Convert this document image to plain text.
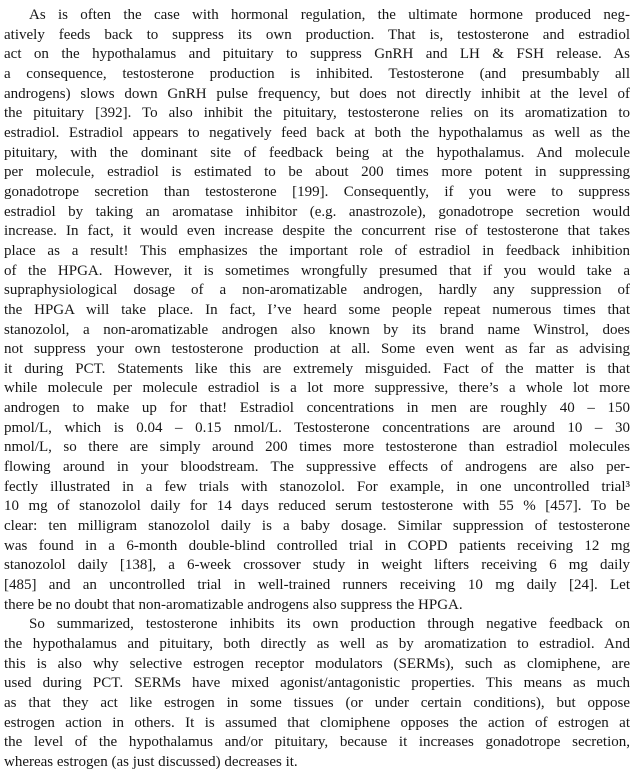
As is often the case with hormonal regulation, the ultimate hormone produced neg-
atively feeds back to suppress its own production. That is, testosterone and estradiol
act on the hypothalamus and pituitary to suppress GnRH and LH & FSH release. As
a consequence, testosterone production is inhibited. Testosterone (and presumbably all
androgens) slows down GnRH pulse frequency, but does not directly inhibit at the level of
the pituitary [392]. To also inhibit the pituitary, testosterone relies on its aromatization to
estradiol. Estradiol appears to negatively feed back at both the hypothalamus as well as the
pituitary, with the dominant site of feedback being at the hypothalamus. And molecule
per molecule, estradiol is estimated to be about 200 times more potent in suppressing
gonadotrope secretion than testosterone [199]. Consequently, if you were to suppress
estradiol by taking an aromatase inhibitor (e.g. anastrozole), gonadotrope secretion would
increase. In fact, it would even increase despite the concurrent rise of testosterone that takes
place as a result! This emphasizes the important role of estradiol in feedback inhibition
of the HPGA. However, it is sometimes wrongfully presumed that if you would take a
supraphysiological dosage of a non-aromatizable androgen, hardly any suppression of
the HPGA will take place. In fact, I’ve heard some people repeat numerous times that
stanozolol, a non-aromatizable androgen also known by its brand name Winstrol, does
not suppress your own testosterone production at all. Some even went as far as advising
it during PCT. Statements like this are extremely misguided. Fact of the matter is that
while molecule per molecule estradiol is a lot more suppressive, there’s a whole lot more
androgen to make up for that! Estradiol concentrations in men are roughly 40 – 150
pmol/L, which is 0.04 – 0.15 nmol/L. Testosterone concentrations are around 10 – 30
nmol/L, so there are simply around 200 times more testosterone than estradiol molecules
flowing around in your bloodstream. The suppressive effects of androgens are also per-
fectly illustrated in a few trials with stanozolol. For example, in one uncontrolled trial³
10 mg of stanozolol daily for 14 days reduced serum testosterone with 55 % [457]. To be
clear: ten milligram stanozolol daily is a baby dosage. Similar suppression of testosterone
was found in a 6-month double-blind controlled trial in COPD patients receiving 12 mg
stanozolol daily [138], a 6-week crossover study in weight lifters receiving 6 mg daily
[485] and an uncontrolled trial in well-trained runners receiving 10 mg daily [24]. Let
there be no doubt that non-aromatizable androgens also suppress the HPGA.
So summarized, testosterone inhibits its own production through negative feedback on
the hypothalamus and pituitary, both directly as well as by aromatization to estradiol. And
this is also why selective estrogen receptor modulators (SERMs), such as clomiphene, are
used during PCT. SERMs have mixed agonist/antagonistic properties. This means as much
as that they act like estrogen in some tissues (or under certain conditions), but oppose
estrogen action in others. It is assumed that clomiphene opposes the action of estrogen at
the level of the hypothalamus and/or pituitary, because it increases gonadotrope secretion,
whereas estrogen (as just discussed) decreases it.
